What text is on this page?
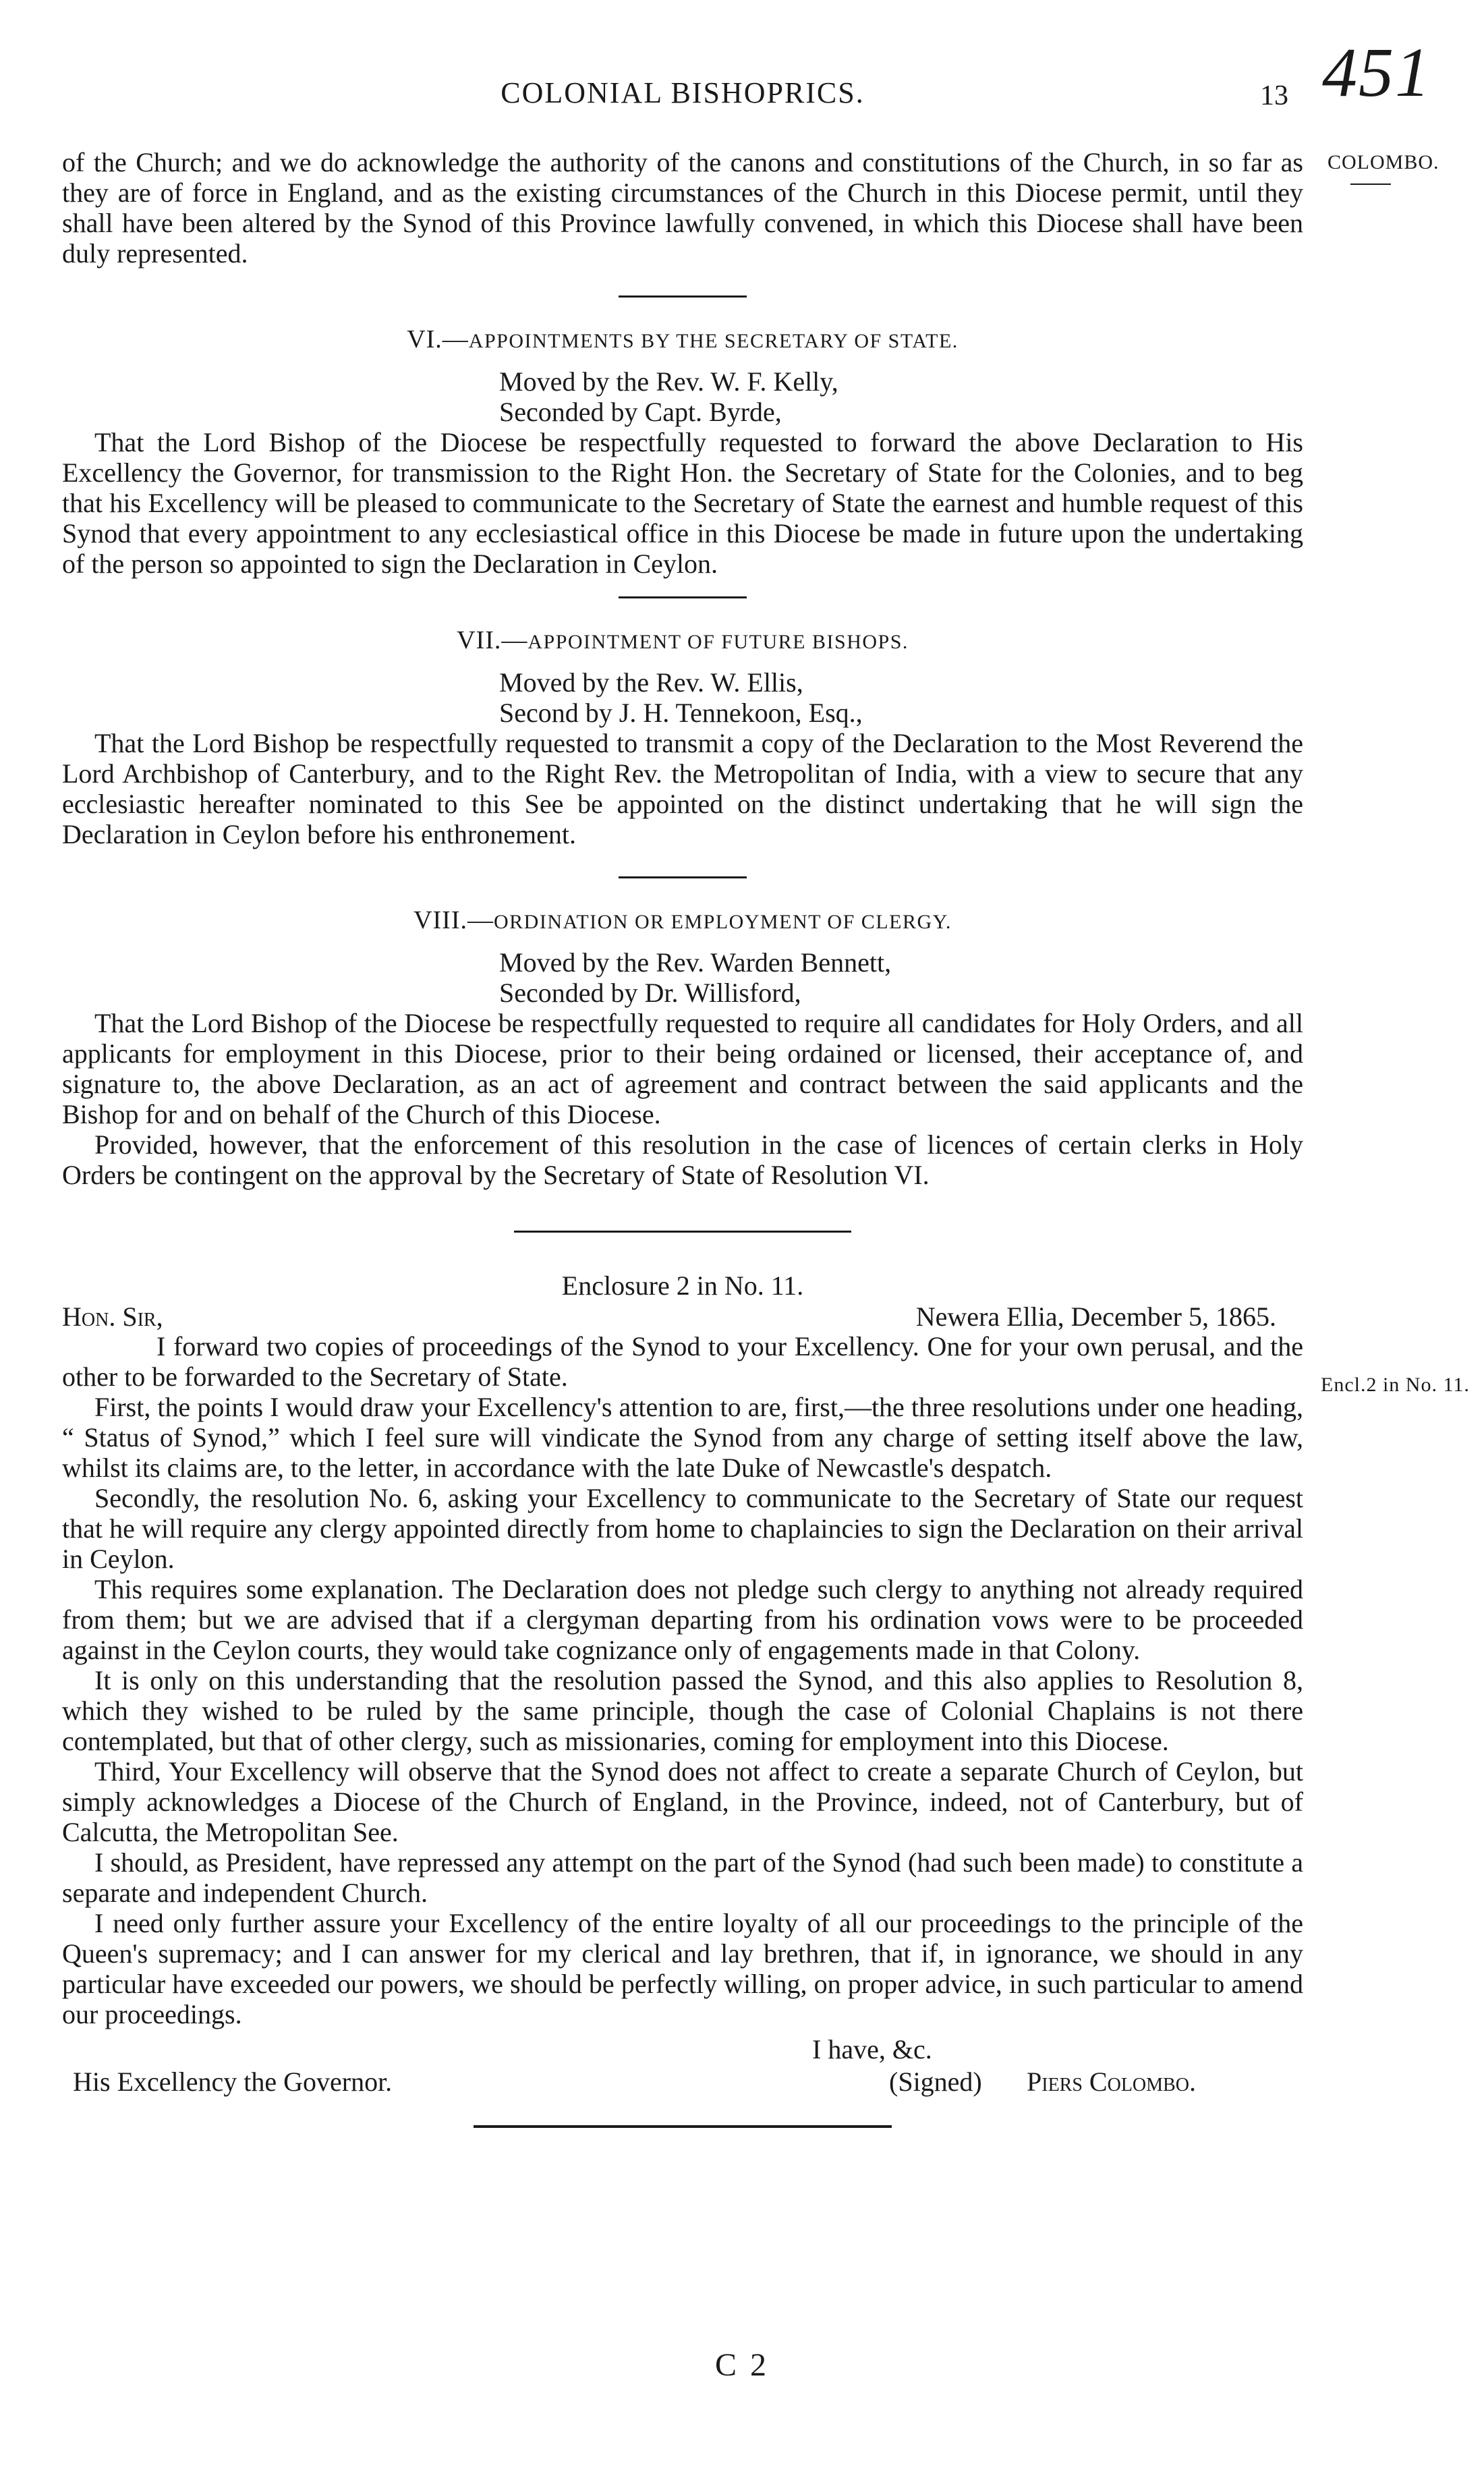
COLONIAL BISHOPRICS.	13 451
COLOMBO.
Encl.2 in No. 11.

of the Church; and we do acknowledge the authority of the canons and constitutions of the Church, in so far as they are of force in England, and as the existing circumstances of the Church in this Diocese permit, until they shall have been altered by the Synod of this Province lawfully convened, in which this Diocese shall have been duly represented.

VI.—APPOINTMENTS BY THE SECRETARY OF STATE.
Moved by the Rev. W. F. Kelly,
Seconded by Capt. Byrde,

That the Lord Bishop of the Diocese be respectfully requested to forward the above Declaration to His Excellency the Governor, for transmission to the Right Hon. the Secretary of State for the Colonies, and to beg that his Excellency will be pleased to communicate to the Secretary of State the earnest and humble request of this Synod that every appointment to any ecclesiastical office in this Diocese be made in future upon the undertaking of the person so appointed to sign the Declaration in Ceylon.

VII.—APPOINTMENT OF FUTURE BISHOPS.
Moved by the Rev. W. Ellis,
Second by J. H. Tennekoon, Esq.,

That the Lord Bishop be respectfully requested to transmit a copy of the Declaration to the Most Reverend the Lord Archbishop of Canterbury, and to the Right Rev. the Metropolitan of India, with a view to secure that any ecclesiastic hereafter nominated to this See be appointed on the distinct undertaking that he will sign the Declaration in Ceylon before his enthronement.

VIII.—ORDINATION OR EMPLOYMENT OF CLERGY.
Moved by the Rev. Warden Bennett,
Seconded by Dr. Willisford,

That the Lord Bishop of the Diocese be respectfully requested to require all candidates for Holy Orders, and all applicants for employment in this Diocese, prior to their being ordained or licensed, their acceptance of, and signature to, the above Declaration, as an act of agreement and contract between the said applicants and the Bishop for and on behalf of the Church of this Diocese.

Provided, however, that the enforcement of this resolution in the case of licences of certain clerks in Holy Orders be contingent on the approval by the Secretary of State of Resolution VI.

Enclosure 2 in No. 11.
Hon. Sir,	Newera Ellia, December 5, 1865.

I forward two copies of proceedings of the Synod to your Excellency. One for your own perusal, and the other to be forwarded to the Secretary of State.

First, the points I would draw your Excellency's attention to are, first,—the three resolutions under one heading, “ Status of Synod,” which I feel sure will vindicate the Synod from any charge of setting itself above the law, whilst its claims are, to the letter, in accordance with the late Duke of Newcastle's despatch.

Secondly, the resolution No. 6, asking your Excellency to communicate to the Secretary of State our request that he will require any clergy appointed directly from home to chaplaincies to sign the Declaration on their arrival in Ceylon.

This requires some explanation. The Declaration does not pledge such clergy to anything not already required from them; but we are advised that if a clergyman departing from his ordination vows were to be proceeded against in the Ceylon courts, they would take cognizance only of engagements made in that Colony.

It is only on this understanding that the resolution passed the Synod, and this also applies to Resolution 8, which they wished to be ruled by the same principle, though the case of Colonial Chaplains is not there contemplated, but that of other clergy, such as missionaries, coming for employment into this Diocese.

Third, Your Excellency will observe that the Synod does not affect to create a separate Church of Ceylon, but simply acknowledges a Diocese of the Church of England, in the Province, indeed, not of Canterbury, but of Calcutta, the Metropolitan See.

I should, as President, have repressed any attempt on the part of the Synod (had such been made) to constitute a separate and independent Church.

I need only further assure your Excellency of the entire loyalty of all our proceedings to the principle of the Queen's supremacy; and I can answer for my clerical and lay brethren, that if, in ignorance, we should in any particular have exceeded our powers, we should be perfectly willing, on proper advice, in such particular to amend our proceedings.

I have, &c.
His Excellency the Governor.	(Signed) Piers Colombo.
C 2
